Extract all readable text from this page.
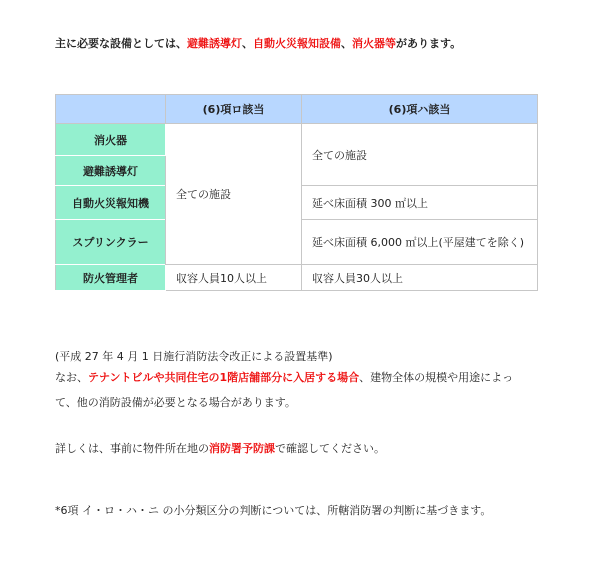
主に必要な設備としては、避難誘導灯、自動火災報知設備、消火器等があります。
	(6)項ロ該当	(6)項ハ該当
消火器	全ての施設	全ての施設
避難誘導灯		
自動火災報知機		延べ床面積 300 ㎡以上
スプリンクラー		延べ床面積 6,000 ㎡以上(平屋建てを除く)
防火管理者	収容人員10人以上	収容人員30人以上
(平成 27 年 4 月 1 日施行消防法令改正による設置基準)
なお、テナントビルや共同住宅の1階店舗部分に入居する場合、建物全体の規模や用途によっ
て、他の消防設備が必要となる場合があります。
詳しくは、事前に物件所在地の消防署予防課で確認してください。
*6項 イ・ロ・ハ・ニ の小分類区分の判断については、所轄消防署の判断に基づきます。
